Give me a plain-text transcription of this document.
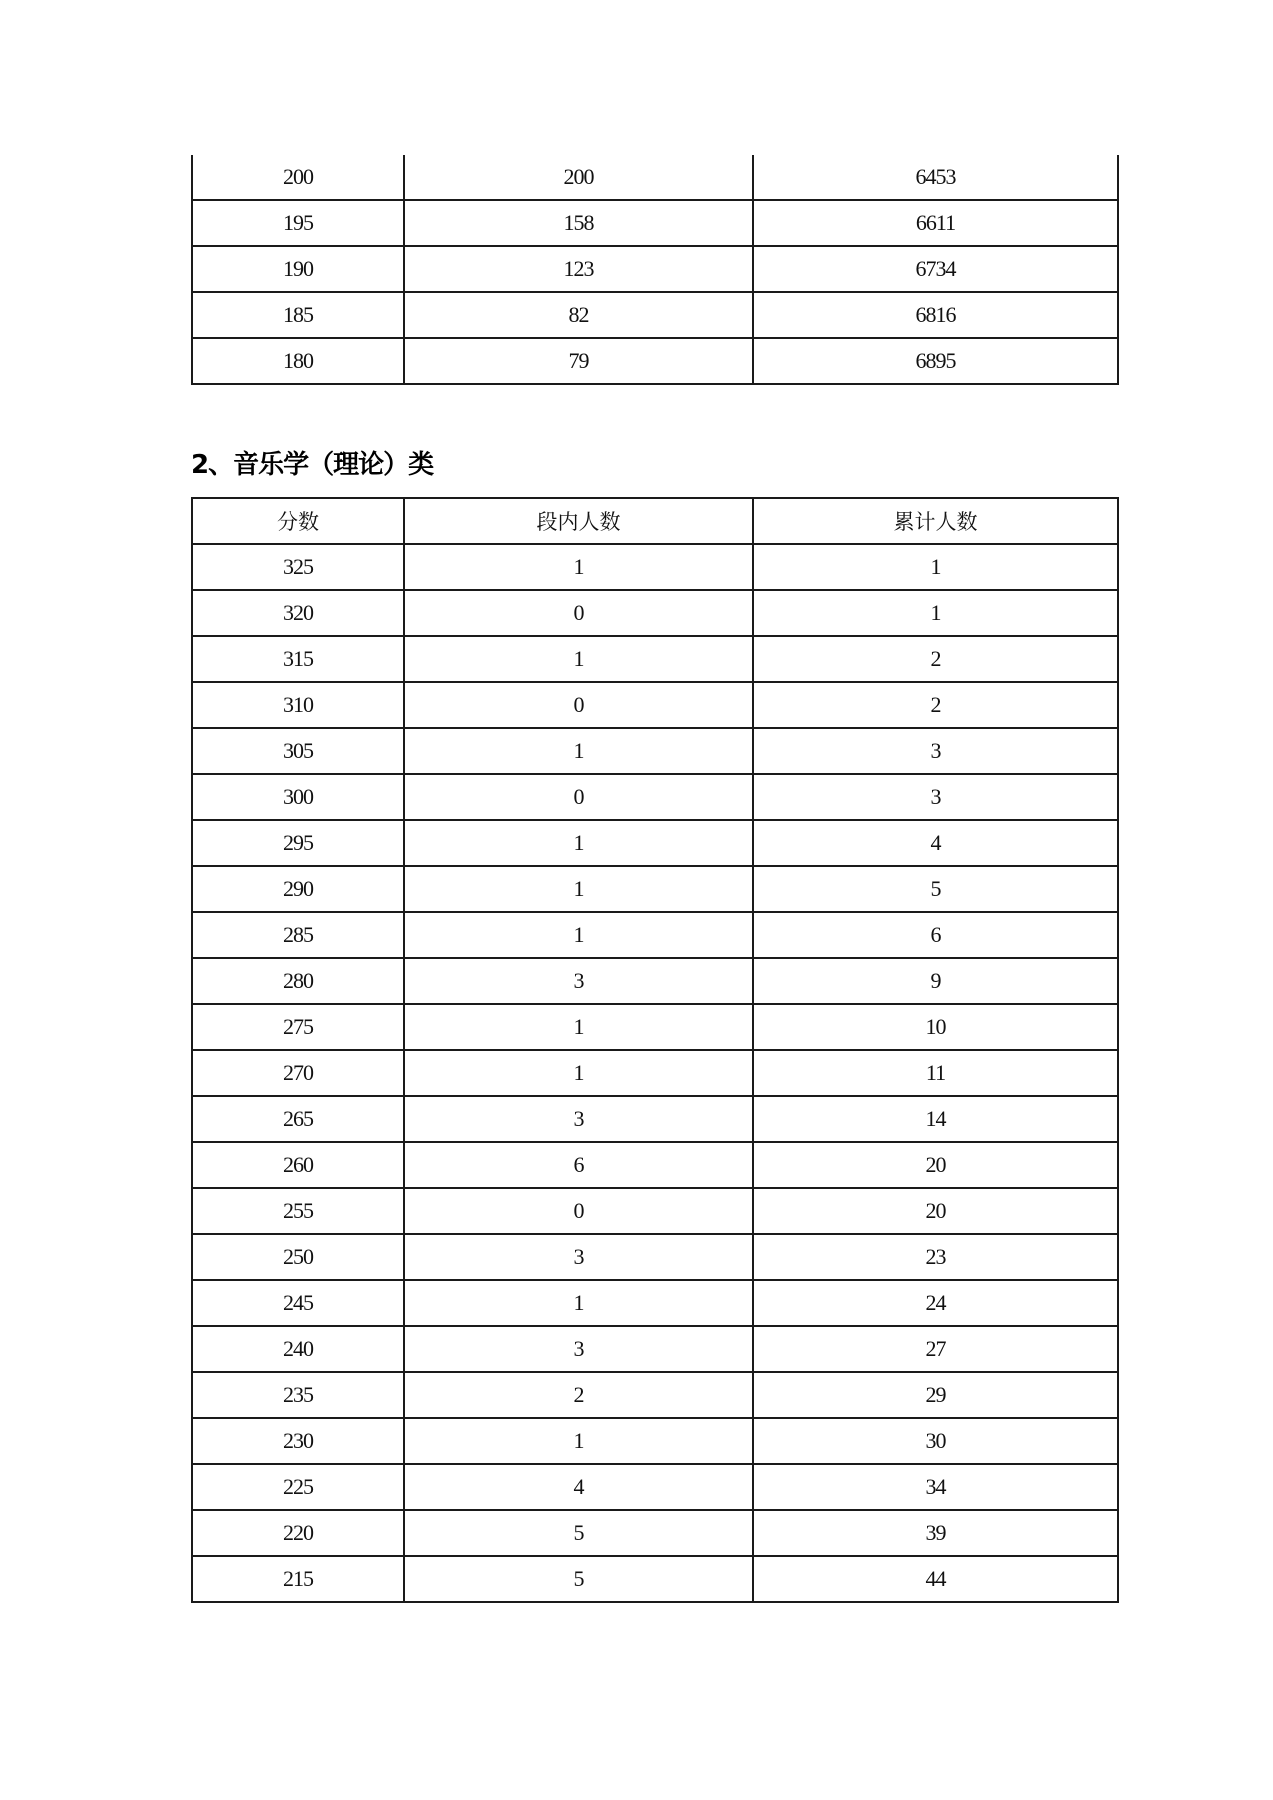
200	200	6453
195	158	6611
190	123	6734
185	82	6816
180	79	6895
2、音乐学（理论）类
分数	段内人数	累计人数
325	1	1
320	0	1
315	1	2
310	0	2
305	1	3
300	0	3
295	1	4
290	1	5
285	1	6
280	3	9
275	1	10
270	1	11
265	3	14
260	6	20
255	0	20
250	3	23
245	1	24
240	3	27
235	2	29
230	1	30
225	4	34
220	5	39
215	5	44
